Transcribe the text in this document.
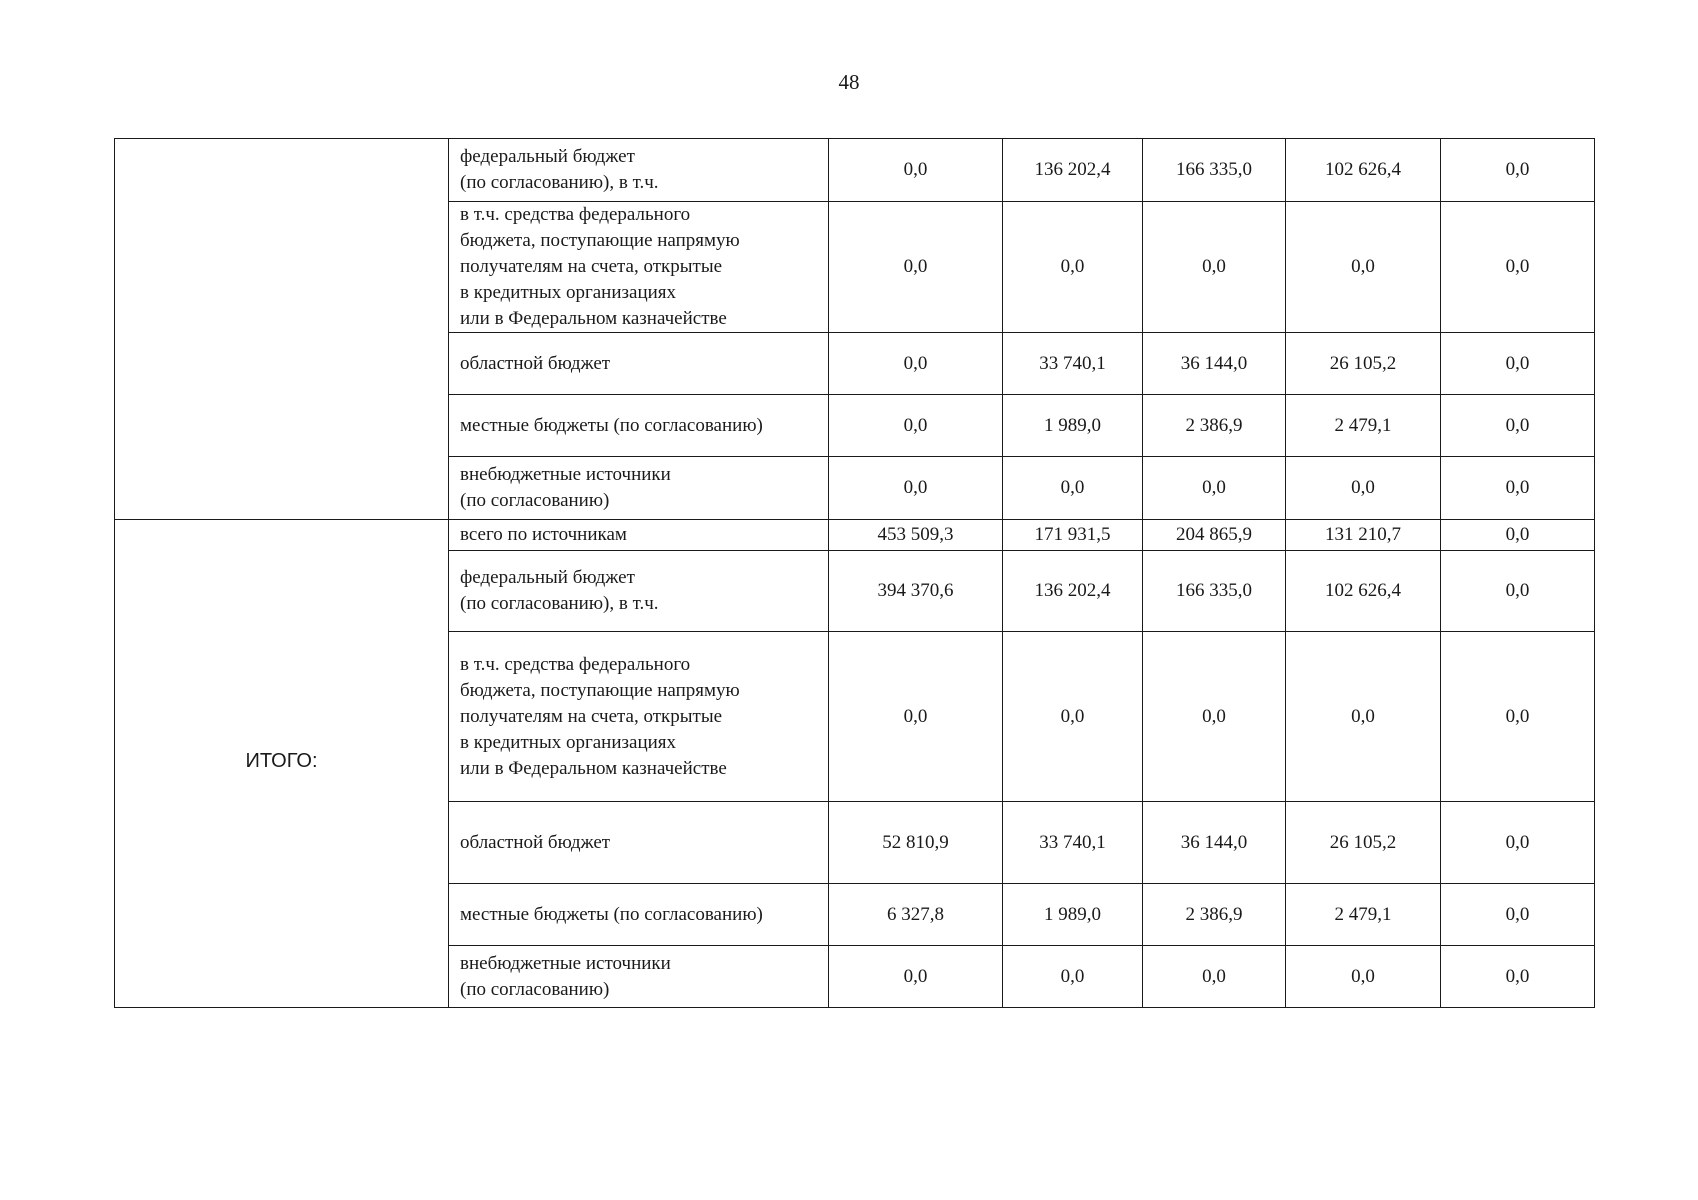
48
	федеральный бюджет
(по согласованию), в т.ч.	0,0	136 202,4	166 335,0	102 626,4	0,0
	в т.ч. средства федерального
бюджета, поступающие напрямую
получателям на счета, открытые
в кредитных организациях
или в Федеральном казначействе	0,0	0,0	0,0	0,0	0,0
	областной бюджет	0,0	33 740,1	36 144,0	26 105,2	0,0
	местные бюджеты (по согласованию)	0,0	1 989,0	2 386,9	2 479,1	0,0
	внебюджетные источники
(по согласованию)	0,0	0,0	0,0	0,0	0,0
ИТОГО:	всего по источникам	453 509,3	171 931,5	204 865,9	131 210,7	0,0
	федеральный бюджет
(по согласованию), в т.ч.	394 370,6	136 202,4	166 335,0	102 626,4	0,0
	в т.ч. средства федерального
бюджета, поступающие напрямую
получателям на счета, открытые
в кредитных организациях
или в Федеральном казначействе	0,0	0,0	0,0	0,0	0,0
	областной бюджет	52 810,9	33 740,1	36 144,0	26 105,2	0,0
	местные бюджеты (по согласованию)	6 327,8	1 989,0	2 386,9	2 479,1	0,0
	внебюджетные источники
(по согласованию)	0,0	0,0	0,0	0,0	0,0
